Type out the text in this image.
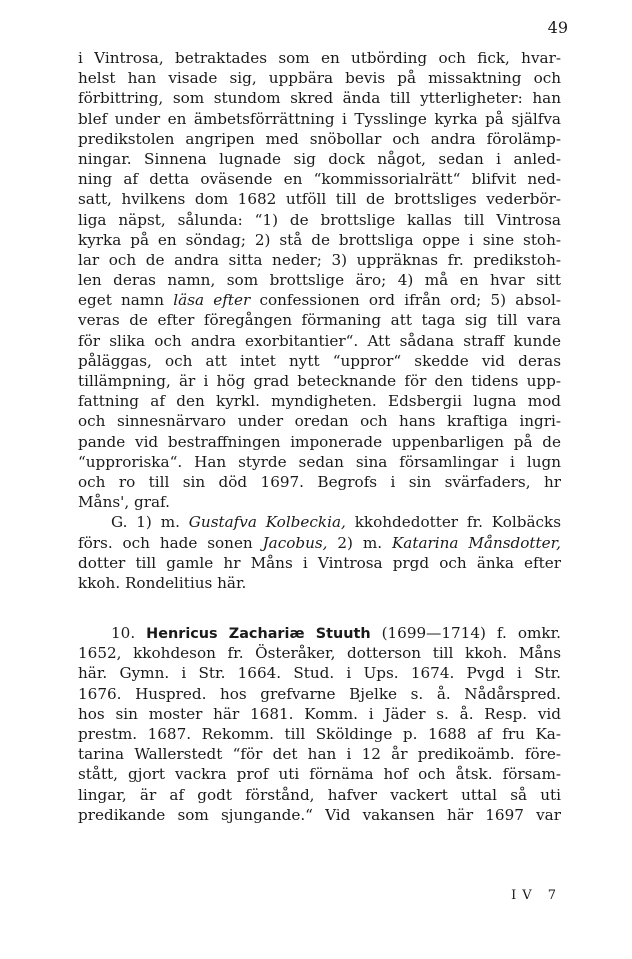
49
i Vintrosa, betraktades som en utbörding och fick, hvar-
helst han visade sig, uppbära bevis på missaktning och
förbittring, som stundom skred ända till ytterligheter: han
blef under en ämbetsförrättning i Tysslinge kyrka på själfva
predikstolen angripen med snöbollar och andra förolämp-
ningar. Sinnena lugnade sig dock något, sedan i anled-
ning af detta oväsende en “kommissorialrätt“ blifvit ned-
satt, hvilkens dom 1682 utföll till de brottsliges vederbör-
liga näpst, sålunda: “1) de brottslige kallas till Vintrosa
kyrka på en söndag; 2) stå de brottsliga oppe i sine stoh-
lar och de andra sitta neder; 3) uppräknas fr. predikstoh-
len deras namn, som brottslige äro; 4) må en hvar sitt
eget namn läsa efter confessionen ord ifrån ord; 5) absol-
veras de efter föregången förmaning att taga sig till vara
för slika och andra exorbitantier“. Att sådana straff kunde
påläggas, och att intet nytt “uppror“ skedde vid deras
tillämpning, är i hög grad betecknande för den tidens upp-
fattning af den kyrkl. myndigheten. Edsbergii lugna mod
och sinnesnärvaro under oredan och hans kraftiga ingri-
pande vid bestraffningen imponerade uppenbarligen på de
“upproriska“. Han styrde sedan sina församlingar i lugn
och ro till sin död 1697. Begrofs i sin svärfaders, hr
Måns', graf.
G. 1) m. Gustafva Kolbeckia, kkohdedotter fr. Kolbäcks
förs. och hade sonen Jacobus, 2) m. Katarina Månsdotter,
dotter till gamle hr Måns i Vintrosa prgd och änka efter
kkoh. Rondelitius här.
10. Henricus Zachariæ Stuuth (1699—1714) f. omkr.
1652, kkohdeson fr. Österåker, dotterson till kkoh. Måns
här. Gymn. i Str. 1664. Stud. i Ups. 1674. Pvgd i Str.
1676. Huspred. hos grefvarne Bjelke s. å. Nådårspred.
hos sin moster här 1681. Komm. i Jäder s. å. Resp. vid
prestm. 1687. Rekomm. till Sköldinge p. 1688 af fru Ka-
tarina Wallerstedt “för det han i 12 år predikoämb. före-
stått, gjort vackra prof uti förnäma hof och åtsk. försam-
lingar, är af godt förstånd, hafver vackert uttal så uti
predikande som sjungande.“ Vid vakansen här 1697 var
IV 7
